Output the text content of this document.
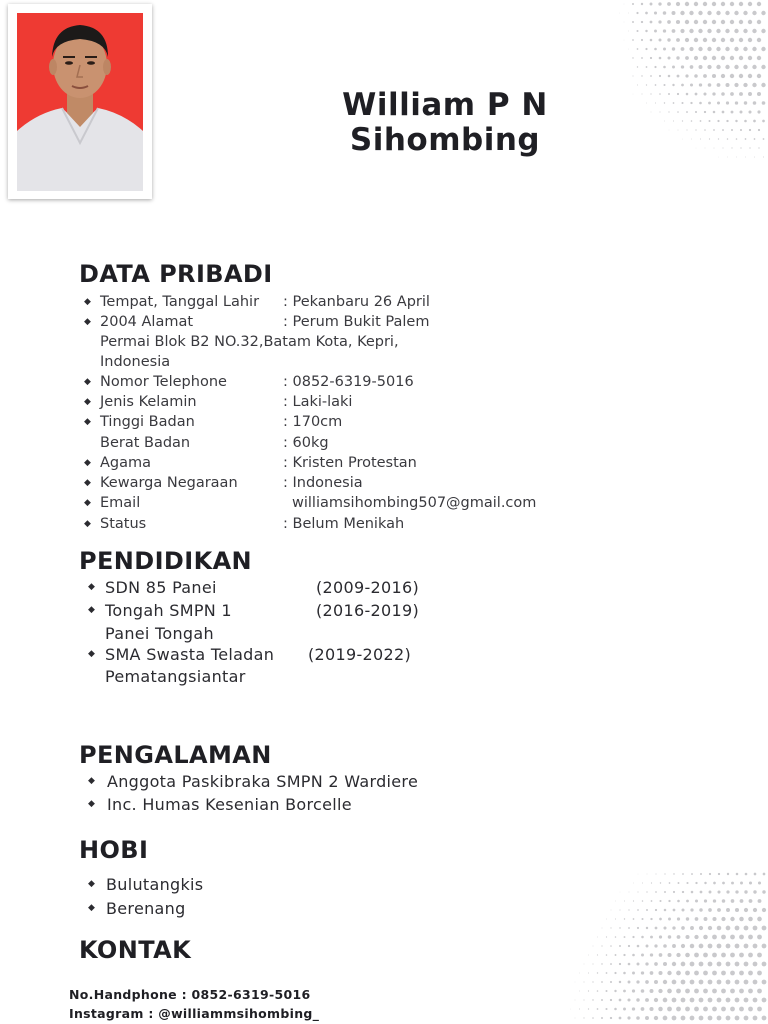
William P N
Sihombing
DATA PRIBADI
◆ Tempat, Tanggal Lahir : Pekanbaru 26 April
◆ 2004 Alamat	: Perum Bukit Palem
Permai Blok B2 NO.32,Batam Kota, Kepri,
Indonesia
◆ Nomor Telephone	: 0852-6319-5016
◆ Jenis Kelamin	: Laki-laki
◆ Tinggi Badan	: 170cm
Berat Badan	: 60kg
◆ Agama	: Kristen Protestan
◆ Kewarga Negaraan	: Indonesia
◆ Email	williamsihombing507@gmail.com
◆ Status	: Belum Menikah
PENDIDIKAN
◆ SDN 85 Panei	(2009-2016)
◆ Tongah SMPN 1	(2016-2019)
Panei Tongah
◆ SMA Swasta Teladan (2019-2022)
Pematangsiantar
PENGALAMAN
◆ Anggota Paskibraka SMPN 2 Wardiere
◆ Inc. Humas Kesenian Borcelle
HOBI
◆ Bulutangkis
◆ Berenang
KONTAK
No.Handphone : 0852-6319-5016
Instagram : @williammsihombing_
